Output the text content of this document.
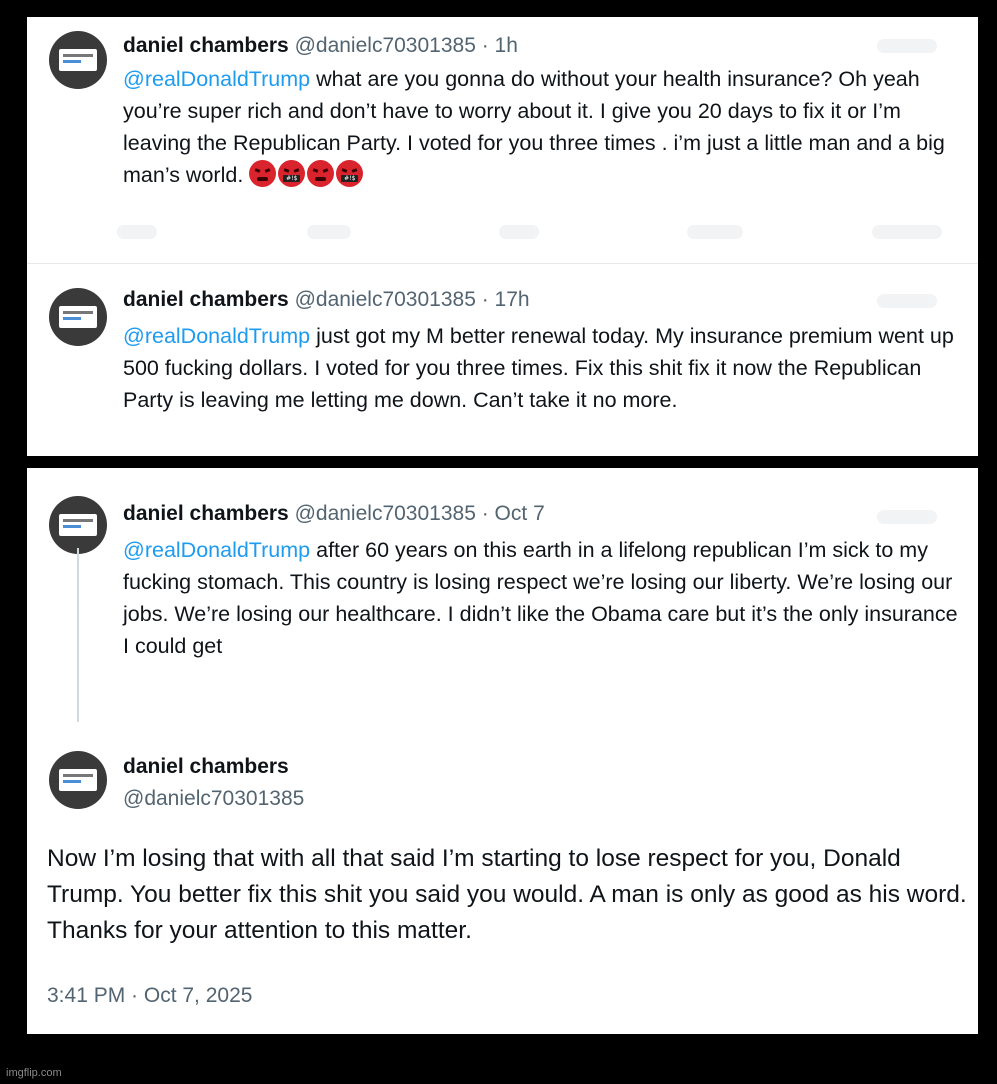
daniel chambers @danielc70301385 · 1h
@realDonaldTrump what are you gonna do without your health insurance? Oh yeah you’re super rich and don’t have to worry about it. I give you 20 days to fix it or I’m leaving the Republican Party. I voted for you three times . i’m just a little man and a big man’s world.	#!$	#!$
daniel chambers @danielc70301385 · 17h
@realDonaldTrump just got my M better renewal today. My insurance premium went up 500 fucking dollars. I voted for you three times. Fix this shit fix it now the Republican Party is leaving me letting me down. Can’t take it no more.
daniel chambers @danielc70301385 · Oct 7
@realDonaldTrump after 60 years on this earth in a lifelong republican I’m sick to my fucking stomach. This country is losing respect we’re losing our liberty. We’re losing our jobs. We’re losing our healthcare. I didn’t like the Obama care but it’s the only insurance I could get
daniel chambers
@danielc70301385
Now I’m losing that with all that said I’m starting to lose respect for you, Donald Trump. You better fix this shit you said you would. A man is only as good as his word. Thanks for your attention to this matter.
3:41 PM · Oct 7, 2025
imgflip.com
